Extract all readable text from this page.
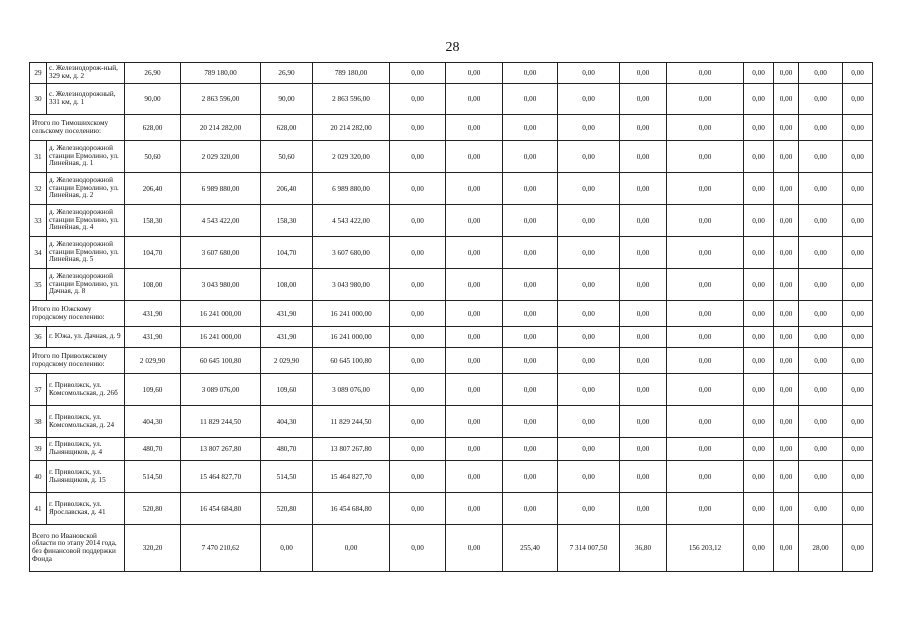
28
29	с. Железнодорож-ный, 329 км, д. 2	26,90	789 180,00	26,90	789 180,00	0,00	0,00	0,00	0,00	0,00	0,00	0,00	0,00	0,00	0,00
30	с. Железнодорожный, 331 км, д. 1	90,00	2 863 596,00	90,00	2 863 596,00	0,00	0,00	0,00	0,00	0,00	0,00	0,00	0,00	0,00	0,00
Итого по Тимошихскому сельскому поселению:		628,00	20 214 282,00	628,00	20 214 282,00	0,00	0,00	0,00	0,00	0,00	0,00	0,00	0,00	0,00	0,00
31	д. Железнодорожной станции Ермолино, ул. Линейная, д. 1	50,60	2 029 320,00	50,60	2 029 320,00	0,00	0,00	0,00	0,00	0,00	0,00	0,00	0,00	0,00	0,00
32	д. Железнодорожной станции Ермолино, ул. Линейная, д. 2	206,40	6 989 880,00	206,40	6 989 880,00	0,00	0,00	0,00	0,00	0,00	0,00	0,00	0,00	0,00	0,00
33	д. Железнодорожной станции Ермолино, ул. Линейная, д. 4	158,30	4 543 422,00	158,30	4 543 422,00	0,00	0,00	0,00	0,00	0,00	0,00	0,00	0,00	0,00	0,00
34	д. Железнодорожной станции Ермолино, ул. Линейная, д. 5	104,70	3 607 680,00	104,70	3 607 680,00	0,00	0,00	0,00	0,00	0,00	0,00	0,00	0,00	0,00	0,00
35	д. Железнодорожной станции Ермолино, ул. Дачная, д. 8	108,00	3 043 980,00	108,00	3 043 980,00	0,00	0,00	0,00	0,00	0,00	0,00	0,00	0,00	0,00	0,00
Итого по Южскому городскому поселению:		431,90	16 241 000,00	431,90	16 241 000,00	0,00	0,00	0,00	0,00	0,00	0,00	0,00	0,00	0,00	0,00
36	г. Южа, ул. Дачная, д. 9	431,90	16 241 000,00	431,90	16 241 000,00	0,00	0,00	0,00	0,00	0,00	0,00	0,00	0,00	0,00	0,00
Итого по Приволжскому городскому поселению:		2 029,90	60 645 100,80	2 029,90	60 645 100,80	0,00	0,00	0,00	0,00	0,00	0,00	0,00	0,00	0,00	0,00
37	г. Приволжск, ул. Комсомольская, д. 26б	109,60	3 089 076,00	109,60	3 089 076,00	0,00	0,00	0,00	0,00	0,00	0,00	0,00	0,00	0,00	0,00
38	г. Приволжск, ул. Комсомольская, д. 24	404,30	11 829 244,50	404,30	11 829 244,50	0,00	0,00	0,00	0,00	0,00	0,00	0,00	0,00	0,00	0,00
39	г. Приволжск, ул. Льнянщиков, д. 4	480,70	13 807 267,80	480,70	13 807 267,80	0,00	0,00	0,00	0,00	0,00	0,00	0,00	0,00	0,00	0,00
40	г. Приволжск, ул. Льнянщиков, д. 15	514,50	15 464 827,70	514,50	15 464 827,70	0,00	0,00	0,00	0,00	0,00	0,00	0,00	0,00	0,00	0,00
41	г. Приволжск, ул. Ярославская, д. 41	520,80	16 454 684,80	520,80	16 454 684,80	0,00	0,00	0,00	0,00	0,00	0,00	0,00	0,00	0,00	0,00
Всего по Ивановской области по этапу 2014 года, без финансовой поддержки Фонда		320,20	7 470 210,62	0,00	0,00	0,00	0,00	255,40	7 314 007,50	36,80	156 203,12	0,00	0,00	28,00	0,00
